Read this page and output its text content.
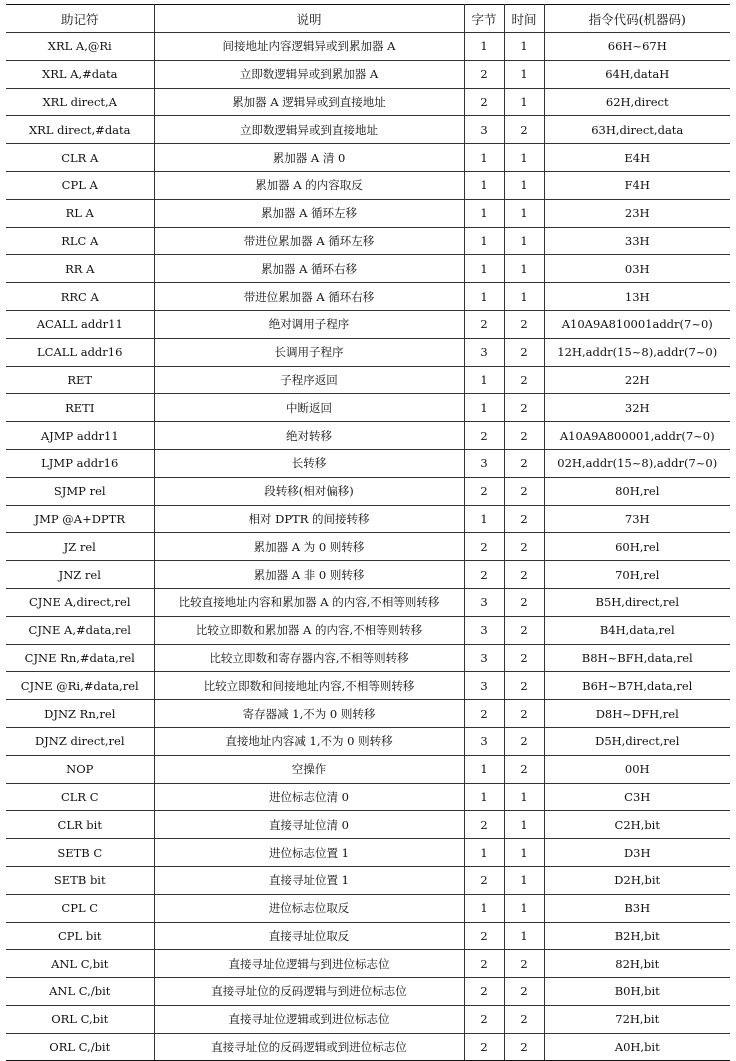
助记符	说明	字节	时间	指令代码(机器码)
XRL A,@Ri	间接地址内容逻辑异或到累加器 A	1	1	66H~67H
XRL A,#data	立即数逻辑异或到累加器 A	2	1	64H,dataH
XRL direct,A	累加器 A 逻辑异或到直接地址	2	1	62H,direct
XRL direct,#data	立即数逻辑异或到直接地址	3	2	63H,direct,data
CLR A	累加器 A 清 0	1	1	E4H
CPL A	累加器 A 的内容取反	1	1	F4H
RL A	累加器 A 循环左移	1	1	23H
RLC A	带进位累加器 A 循环左移	1	1	33H
RR A	累加器 A 循环右移	1	1	03H
RRC A	带进位累加器 A 循环右移	1	1	13H
ACALL addr11	绝对调用子程序	2	2	A10A9A810001addr(7~0)
LCALL addr16	长调用子程序	3	2	12H,addr(15~8),addr(7~0)
RET	子程序返回	1	2	22H
RETI	中断返回	1	2	32H
AJMP addr11	绝对转移	2	2	A10A9A800001,addr(7~0)
LJMP addr16	长转移	3	2	02H,addr(15~8),addr(7~0)
SJMP rel	段转移(相对偏移)	2	2	80H,rel
JMP @A+DPTR	相对 DPTR 的间接转移	1	2	73H
JZ rel	累加器 A 为 0 则转移	2	2	60H,rel
JNZ rel	累加器 A 非 0 则转移	2	2	70H,rel
CJNE A,direct,rel	比较直接地址内容和累加器 A 的内容,不相等则转移	3	2	B5H,direct,rel
CJNE A,#data,rel	比较立即数和累加器 A 的内容,不相等则转移	3	2	B4H,data,rel
CJNE Rn,#data,rel	比较立即数和寄存器内容,不相等则转移	3	2	B8H~BFH,data,rel
CJNE @Ri,#data,rel	比较立即数和间接地址内容,不相等则转移	3	2	B6H~B7H,data,rel
DJNZ Rn,rel	寄存器减 1,不为 0 则转移	2	2	D8H~DFH,rel
DJNZ direct,rel	直接地址内容减 1,不为 0 则转移	3	2	D5H,direct,rel
NOP	空操作	1	2	00H
CLR C	进位标志位清 0	1	1	C3H
CLR bit	直接寻址位清 0	2	1	C2H,bit
SETB C	进位标志位置 1	1	1	D3H
SETB bit	直接寻址位置 1	2	1	D2H,bit
CPL C	进位标志位取反	1	1	B3H
CPL bit	直接寻址位取反	2	1	B2H,bit
ANL C,bit	直接寻址位逻辑与到进位标志位	2	2	82H,bit
ANL C,/bit	直接寻址位的反码逻辑与到进位标志位	2	2	B0H,bit
ORL C,bit	直接寻址位逻辑或到进位标志位	2	2	72H,bit
ORL C,/bit	直接寻址位的反码逻辑或到进位标志位	2	2	A0H,bit
